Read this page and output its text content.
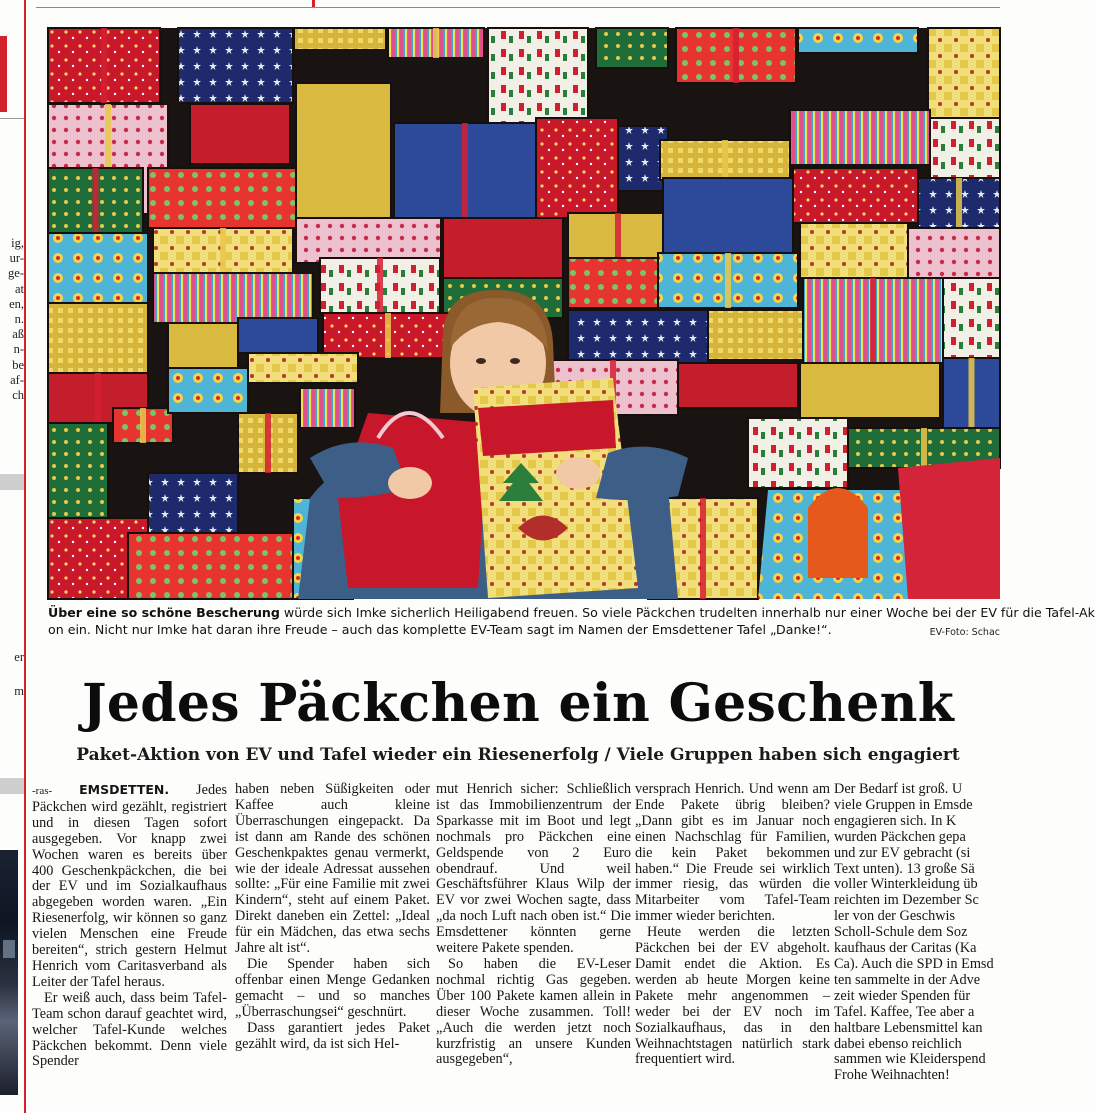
ig,
ur-
ge-
at
en,
n.
aß
n-
be
af-
ch
er
m
Über eine so schöne Bescherung würde sich Imke sicherlich Heiligabend freuen. So viele Päckchen trudelten innerhalb nur einer Woche bei der EV für die Tafel-Ak
on ein. Nicht nur Imke hat daran ihre Freude – auch das komplette EV-Team sagt im Namen der Emsdettener Tafel „Danke!“.	EV-Foto: Schac
Jedes Päckchen ein Geschenk
Paket-Aktion von EV und Tafel wieder ein Riesenerfolg / Viele Gruppen haben sich engagiert

-ras- EMSDETTEN. Jedes Päckchen wird gezählt, registriert und in diesen Tagen sofort ausgegeben. Vor knapp zwei Wochen waren es bereits über 400 Geschenkpäckchen, die bei der EV und im Sozialkaufhaus abgegeben worden waren. „Ein Riesenerfolg, wir können so ganz vielen Menschen eine Freude bereiten“, strich gestern Helmut Henrich vom Caritasverband als Leiter der Tafel heraus.

Er weiß auch, dass beim Tafel-Team schon darauf geachtet wird, welcher Tafel-Kunde welches Päckchen bekommt. Denn viele Spender

haben neben Süßigkeiten oder Kaffee auch kleine Überraschungen eingepackt. Da ist dann am Rande des schönen Geschenkpaktes genau vermerkt, wie der ideale Adressat aussehen sollte: „Für eine Familie mit zwei Kindern“, steht auf einem Paket. Direkt daneben ein Zettel: „Ideal für ein Mädchen, das etwa sechs Jahre alt ist“.

Die Spender haben sich offenbar einen Menge Gedanken gemacht – und so manches „Überraschungsei“ geschnürt.

Dass garantiert jedes Paket gezählt wird, da ist sich Hel-

mut Henrich sicher: Schließlich ist das Immobilienzentrum der Sparkasse mit im Boot und legt nochmals pro Päckchen eine Geldspende von 2 Euro obendrauf. Und weil Geschäftsführer Klaus Wilp der EV vor zwei Wochen sagte, dass „da noch Luft nach oben ist.“ Die Emsdettener könnten gerne weitere Pakete spenden.

So haben die EV-Leser nochmal richtig Gas gegeben. Über 100 Pakete kamen allein in dieser Woche zusammen. Toll! „Auch die werden jetzt noch kurzfristig an unsere Kunden ausgegeben“,

versprach Henrich. Und wenn am Ende Pakete übrig bleiben? „Dann gibt es im Januar noch einen Nachschlag für Familien, die kein Paket bekommen haben.“ Die Freude sei wirklich immer riesig, das würden die Mitarbeiter vom Tafel-Team immer wieder berichten.

Heute werden die letzten Päckchen bei der EV abgeholt. Damit endet die Aktion. Es werden ab heute Morgen keine Pakete mehr angenommen – weder bei der EV noch im Sozialkaufhaus, das in den Weihnachtstagen natürlich stark frequentiert wird.

Der Bedarf ist groß. U
viele Gruppen in Emsde
engagieren sich. In K
wurden Päckchen gepa
und zur EV gebracht (si
Text unten). 13 große Sä
voller Winterkleidung üb
reichten im Dezember Sc
ler von der Geschwis
Scholl-Schule dem Soz
kaufhaus der Caritas (Ka
Ca). Auch die SPD in Emsd
ten sammelte in der Adve
zeit wieder Spenden für
Tafel. Kaffee, Tee aber a
haltbare Lebensmittel kan
dabei ebenso reichlich
sammen wie Kleiderspend
Frohe Weihnachten!
